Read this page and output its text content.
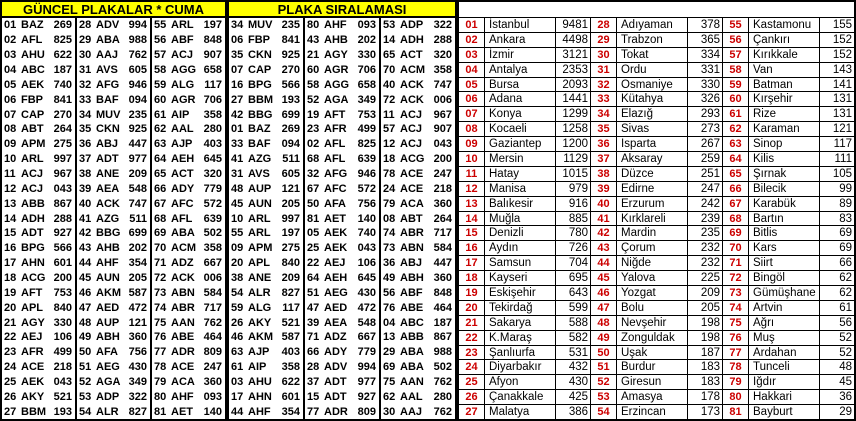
GÜNCEL PLAKALAR * CUMA
01 BAZ 269
02 AFL	825
03 AHU 622
04 ABC 187
05 AEK 740
06 FBP 841
07 CAP 270
08 ABT 264
09 APM 275
10 ARL 997
11 ACJ 967
12 ACJ 043
13 ABB 867
14 ADH 288
15 ADT 927
16 BPG 566
17 AHN 601
18 ACG 200
19 AFT	753
20 APL 840
21 AGY 330
22 AEJ	106
23 AFR 499
24 ACE 218
25 AEK 043
26 AKY 521
27 BBM 193
28 ADV 994
29 ABA 988
30 AAJ 762
31 AVS 605
32 AFG 946
33 BAF 094
34 MUV 235
35 CKN 925
36 ABJ 447
37 ADT 977
38 ANE 209
39 AEA 548
40 ACK 747
41 AZG 511
42 BBG 699
43 AHB 202
44 AHF 354
45 AUN 205
46 AKM 587
47 AED 472
48 AUP 121
49 ABH 360
50 AFA 756
51 AEG 430
52 AGA 349
53 ADP 322
54 ALR 827
55 ARL 197
56 ABF 848
57 ACJ 907
58 AGG 658
59 ALG 117
60 AGR 706
61 AIP	358
62 AAL 280
63 AJP	403
64 AEH 645
65 ACT 320
66 ADY 779
67 AFC 572
68 AFL	639
69 ABA 502
70 ACM 358
71 ADZ 667
72 ACK 006
73 ABN 584
74 ABR 717
75 AAN 762
76 ABE 464
77 ADR 809
78 ACE 247
79 ACA 360
80 AHF 093
81 AET 140
PLAKA SIRALAMASI
34 MUV 235
06 FBP	841
35 CKN 925
07 CAP 270
16 BPG 566
27 BBM 193
42 BBG 699
01 BAZ	269
33 BAF	094
41 AZG	511
31 AVS	605
48 AUP 121
45 AUN 205
10 ARL	997
55 ARL	197
09 APM 275
20 APL	840
38 ANE 209
54 ALR	827
59 ALG	117
26 AKY 521
46 AKM 587
63 AJP	403
61 AIP	358
03 AHU 622
17 AHN 601
44 AHF	354
80 AHF	093
43 AHB 202
21 AGY 330
60 AGR 706
58 AGG 658
52 AGA 349
19 AFT	753
23 AFR	499
02 AFL	825
68 AFL	639
32 AFG 946
67 AFC	572
50 AFA	756
81 AET	140
05 AEK 740
25 AEK 043
22 AEJ	106
64 AEH 645
51 AEG 430
47 AED 472
39 AEA 548
71 ADZ	667
66 ADY 779
28 ADV 994
37 ADT	977
15 ADT	927
77 ADR 809
53 ADP 322
14 ADH 288
65 ACT	320
70 ACM 358
40 ACK 747
72 ACK 006
11 ACJ	967
57 ACJ	907
12 ACJ	043
18 ACG 200
78 ACE 247
24 ACE 218
79 ACA 360
08 ABT	264
74 ABR 717
73 ABN 584
36 ABJ	447
49 ABH 360
56 ABF	848
76 ABE 464
04 ABC 187
13 ABB 867
29 ABA 988
69 ABA 502
75 AAN 762
62 AAL	280
30 AAJ	762
01 İstanbul	9481
02 Ankara	4498
03 İzmir	3121
04 Antalya	2353
05 Bursa	2093
06 Adana	1441
07 Konya	1299
08 Kocaeli	1258
09 Gaziantep	1200
10 Mersin	1129
11	Hatay	1015
12 Manisa	979
13 Balıkesir	916
14 Muğla	885
15 Denizli	780
16 Aydın	726
17 Samsun	704
18 Kayseri	695
19 Eskişehir	643
20 Tekirdağ	599
21 Sakarya	588
22 K.Maraş	582
23 Şanlıurfa	531
24 Diyarbakır	432
25 Afyon	430
26 Çanakkale	425
27 Malatya	386
28 Adıyaman	378
29 Trabzon	365
30 Tokat	334
31 Ordu	331
32 Osmaniye	330
33 Kütahya	326
34 Elazığ	293
35 Sivas	273
36 Isparta	267
37 Aksaray	259
38 Düzce	251
39 Edirne	247
40 Erzurum	242
41 Kırklareli	239
42 Mardin	235
43 Çorum	232
44 Niğde	232
45 Yalova	225
46 Yozgat	209
47 Bolu	205
48 Nevşehir	198
49 Zonguldak	198
50 Uşak	187
51 Burdur	183
52 Giresun	183
53 Amasya	178
54 Erzincan	173
55 Kastamonu	155
56 Çankırı	152
57 Kırıkkale	152
58 Van	143
59 Batman	141
60 Kırşehir	131
61 Rize	131
62 Karaman	121
63 Sinop	117
64 Kilis	111
65 Şırnak	105
66 Bilecik	99
67 Karabük	89
68 Bartın	83
69 Bitlis	69
70 Kars	69
71 Siirt	66
72 Bingöl	62
73 Gümüşhane	62
74 Artvin	61
75 Ağrı	56
76 Muş	52
77 Ardahan	52
78 Tunceli	48
79 Iğdır	45
80 Hakkari	36
81 Bayburt	29
